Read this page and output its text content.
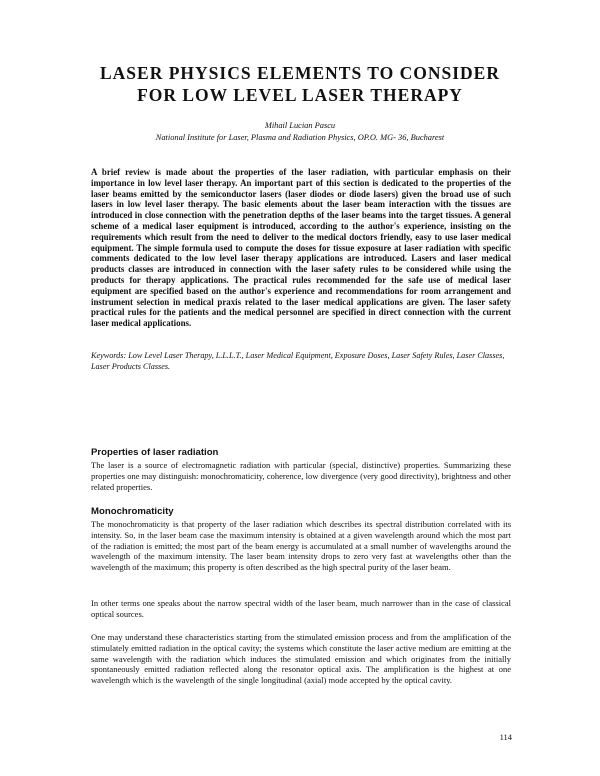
LASER PHYSICS ELEMENTS TO CONSIDER
FOR LOW LEVEL LASER THERAPY
Mihail Lucian Pascu
National Institute for Laser, Plasma and Radiation Physics, OP.O. MG- 36, Bucharest

A brief review is made about the properties of the laser radiation, with particular emphasis on their importance in low level laser therapy. An important part of this section is dedicated to the properties of the laser beams emitted by the semiconductor lasers (laser diodes or diode lasers) given the broad use of such lasers in low level laser therapy. The basic elements about the laser beam interaction with the tissues are introduced in close connection with the penetration depths of the laser beams into the target tissues. A general scheme of a medical laser equipment is introduced, according to the author's experience, insisting on the requirements which result from the need to deliver to the medical doctors friendly, easy to use laser medical equipment. The simple formula used to compute the doses for tissue exposure at laser radiation with specific comments dedicated to the low level laser therapy applications are introduced. Lasers and laser medical products classes are introduced in connection with the laser safety rules to be considered while using the products for therapy applications. The practical rules recommended for the safe use of medical laser equipment are specified based on the author's experience and recommendations for room arrangement and instrument selection in medical praxis related to the laser medical applications are given. The laser safety practical rules for the patients and the medical personnel are specified in direct connection with the current laser medical applications.

Keywords: Low Level Laser Therapy, L.L.L.T., Laser Medical Equipment, Exposure Doses, Laser Safety Rules, Laser Classes, Laser Products Classes.

Properties of laser radiation

The laser is a source of electromagnetic radiation with particular (special, distinctive) properties. Summarizing these properties one may distinguish: monochromaticity, coherence, low divergence (very good directivity), brightness and other related properties.

Monochromaticity

The monochromaticity is that property of the laser radiation which describes its spectral distribution correlated with its intensity. So, in the laser beam case the maximum intensity is obtained at a given wavelength around which the most part of the radiation is emitted; the most part of the beam energy is accumulated at a small number of wavelengths around the wavelength of the maximum intensity. The laser beam intensity drops to zero very fast at wavelengths other than the wavelength of the maximum; this property is often described as the high spectral purity of the laser beam.

In other terms one speaks about the narrow spectral width of the laser beam, much narrower than in the case of classical optical sources.

One may understand these characteristics starting from the stimulated emission process and from the amplification of the stimulately emitted radiation in the optical cavity; the systems which constitute the laser active medium are emitting at the same wavelength with the radiation which induces the stimulated emission and which originates from the initially spontaneously emitted radiation reflected along the resonator optical axis. The amplification is the highest at one wavelength which is the wavelength of the single longitudinal (axial) mode accepted by the optical cavity.

114
